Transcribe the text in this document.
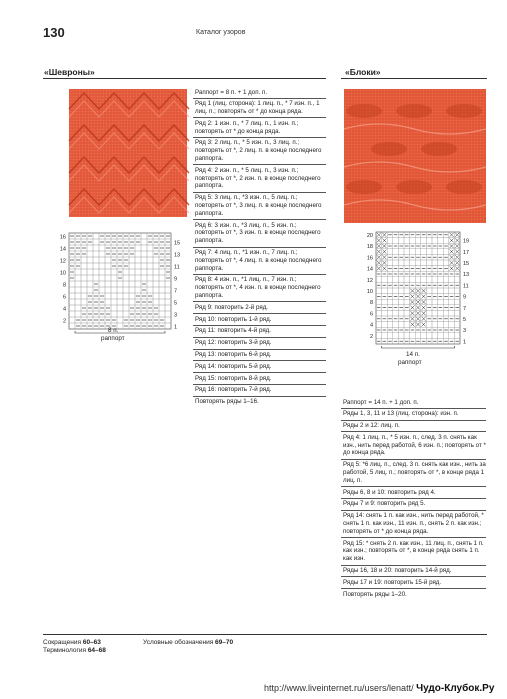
130	Каталог узоров
«Шевроны»	«Блоки»
16
14
12
10
8
6
4
2
15
13
11
9
7
5
3
1
8 п.
раппорт
20
18
16
14
12
10
8
6
4
2
19
17
15
13
11
9
7
5
3
1
14 п.
раппорт
Раппорт = 8 п. + 1 доп. п.
Ряд 1 (лиц. сторона): 1 лиц. п., * 7 изн. п., 1 лиц. п.; повторять от * до конца ряда.
Ряд 2: 1 изн. п., * 7 лиц. п., 1 изн. п.; повторять от * до конца ряда.
Ряд 3: 2 лиц. п., * 5 изн. п., 3 лиц. п.; повторять от *, 2 лиц. п. в конце последнего раппорта.
Ряд 4: 2 изн. п., * 5 лиц. п., 3 изн. п.; повторять от *, 2 изн. п. в конце последнего раппорта.
Ряд 5: 3 лиц. п., *3 изн. п., 5 лиц. п.; повторять от *, 3 лиц. п. в конце последнего раппорта.
Ряд 6: 3 изн. п., *3 лиц. п., 5 изн. п.; повторять от *, 3 изн. п. в конце последнего раппорта.
Ряд 7: 4 лиц. п., *1 изн. п., 7 лиц. п.; повторять от *, 4 лиц. п. в конце последнего раппорта.
Ряд 8: 4 изн. п., *1 лиц. п., 7 изн. п.; повторять от *, 4 изн. п. в конце последнего раппорта.
Ряд 9: повторить 2-й ряд.
Ряд 10: повторить 1-й ряд.
Ряд 11: повторить 4-й ряд.
Ряд 12: повторить 3-й ряд.
Ряд 13: повторить 6-й ряд.
Ряд 14: повторить 5-й ряд.
Ряд 15: повторить 8-й ряд.
Ряд 16: повторить 7-й ряд.
Повторять ряды 1–16.	Раппорт = 14 п. + 1 доп. п.
Ряды 1, 3, 11 и 13 (лиц. сторона): изн. п.
Ряды 2 и 12: лиц. п.
Ряд 4: 1 лиц. п., * 5 изн. п., след. 3 п. снять как изн., нить перед работой, 6 изн. п.; повторять от * до конца ряда.
Ряд 5: *6 лиц. п., след. 3 п. снять как изн., нить за работой, 5 лиц. п.; повторять от *, в конце ряда 1 лиц. п.
Ряды 6, 8 и 10: повторить ряд 4.
Ряды 7 и 9: повторить ряд 5.
Ряд 14: снять 1 п. как изн., нить перед работой, * снять 1 п. как изн., 11 изн. п., снять 2 п. как изн.; повторять от * до конца ряда.
Ряд 15: * снять 2 п. как изн., 11 лиц. п., снять 1 п. как изн.; повторять от *, в конце ряда снять 1 п. как изн.
Ряды 16, 18 и 20: повторить 14-й ряд.
Ряды 17 и 19: повторить 15-й ряд.
Повторять ряды 1–20.
Сокращения 60–63
Терминология 64–68
Условные обозначения 69–70
http://www.liveinternet.ru/users/lenatt/ Чудо-Клубок.Ру
